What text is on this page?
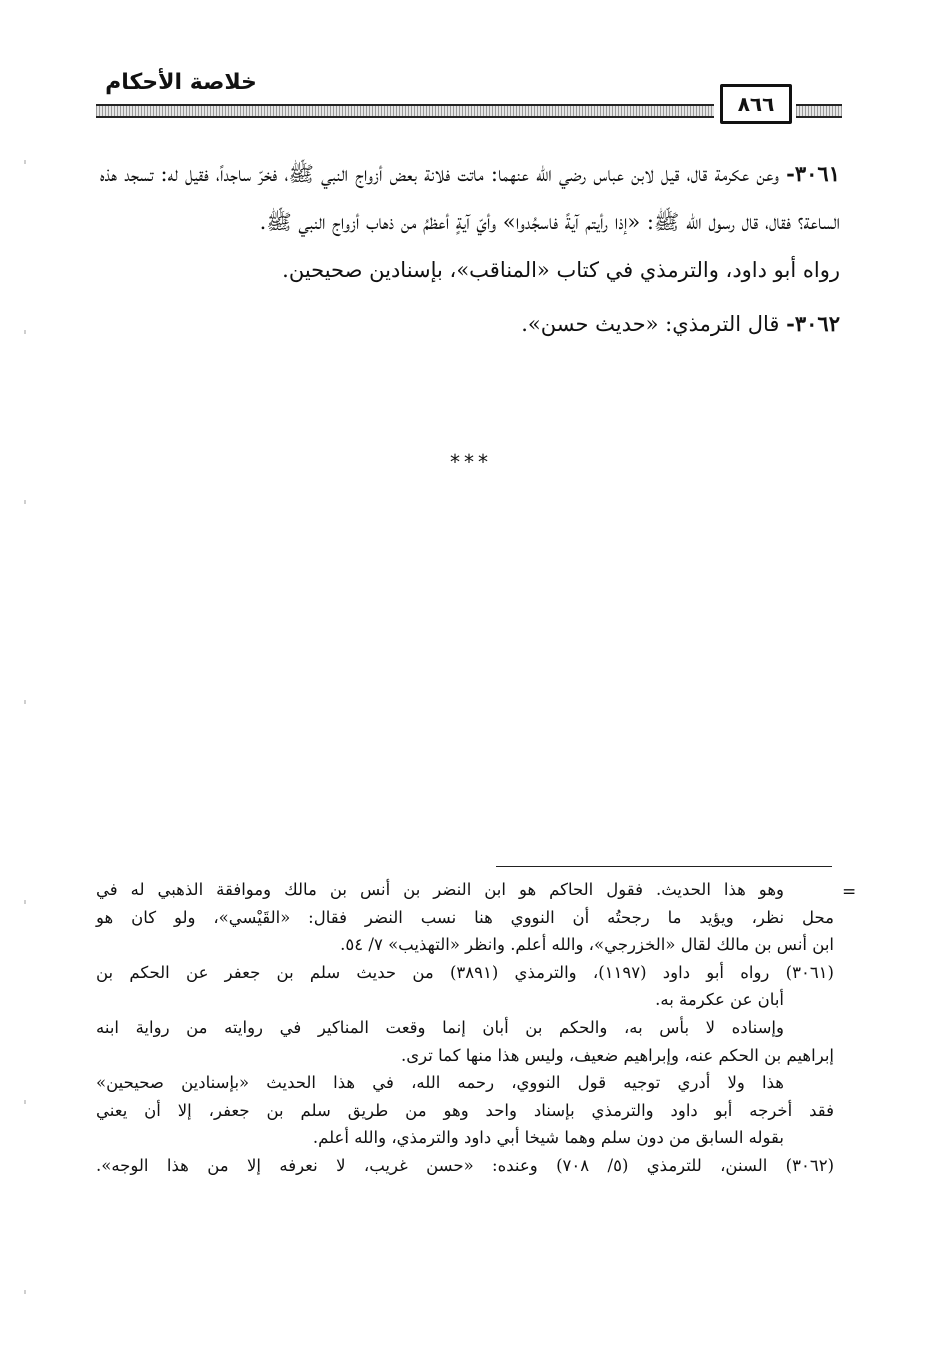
خلاصة الأحكام
٨٦٦

٣٠٦١- وعن عكرمة قال، قيل لابن عباس رضي الله عنهما: ماتت فلانة بعض أزواج النبي ﷺ، فخرّ ساجداً، فقيل له: تسجد هذه الساعة؟ فقال، قال رسول الله ﷺ: «إذا رأيتم آيةً فاسجُدوا» وأيّ آيةٍ أعظمُ من ذهاب أزواج النبي ﷺ.
رواه أبو داود، والترمذي في كتاب «المناقب»، بإسنادين صحيحين.

٣٠٦٢- قال الترمذي: «حديث حسن».

***
=

وهو هذا الحديث. فقول الحاكم هو ابن النضر بن أنس بن مالك وموافقة الذهبي له في

محل نظر، ويؤيد ما رجحتُه أن النووي هنا نسب النضر فقال: «القَيْسي»، ولو كان هو

ابن أنس بن مالك لقال «الخزرجي»، والله أعلم. وانظر «التهذيب» ٧/ ٥٤.

(٣٠٦١) رواه أبو داود (١١٩٧)، والترمذي (٣٨٩١) من حديث سلم بن جعفر عن الحكم بن

أبان عن عكرمة به.

وإسناده لا بأس به، والحكم بن أبان إنما وقعت المناكير في روايته من رواية ابنه

إبراهيم بن الحكم عنه، وإبراهيم ضعيف، وليس هذا منها كما ترى.

هذا ولا أدري توجيه قول النووي، رحمه الله، في هذا الحديث «بإسنادين صحيحين»

فقد أخرجه أبو داود والترمذي بإسناد واحد وهو من طريق سلم بن جعفر، إلا أن يعني

بقوله السابق من دون سلم وهما شيخا أبي داود والترمذي، والله أعلم.

(٣٠٦٢) السنن، للترمذي (٥/ ٧٠٨) وعنده: «حسن غريب، لا نعرفه إلا من هذا الوجه».
